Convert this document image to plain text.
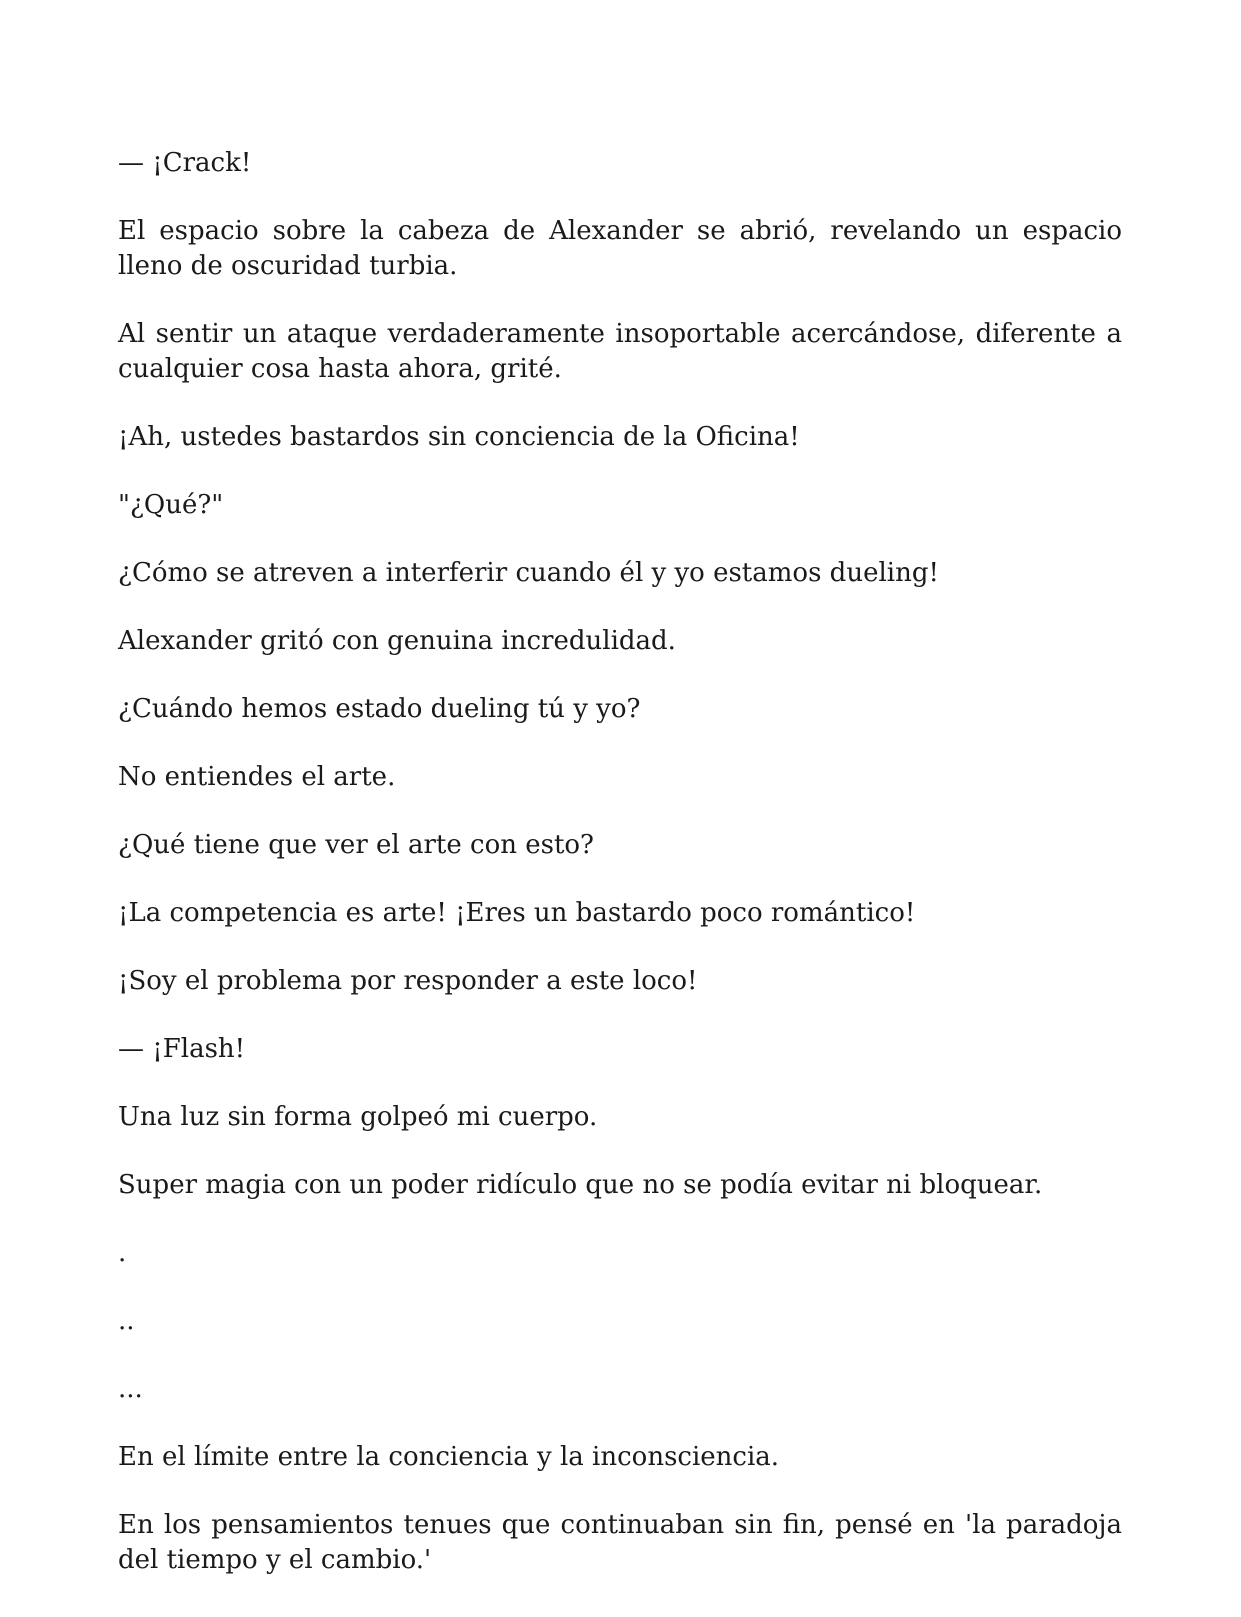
— ¡Crack!

El espacio sobre la cabeza de Alexander se abrió, revelando un espacio lleno de oscuridad turbia.

Al sentir un ataque verdaderamente insoportable acercándose, diferente a cualquier cosa hasta ahora, grité.

¡Ah, ustedes bastardos sin conciencia de la Oficina!

"¿Qué?"

¿Cómo se atreven a interferir cuando él y yo estamos dueling!

Alexander gritó con genuina incredulidad.

¿Cuándo hemos estado dueling tú y yo?

No entiendes el arte.

¿Qué tiene que ver el arte con esto?

¡La competencia es arte! ¡Eres un bastardo poco romántico!

¡Soy el problema por responder a este loco!

— ¡Flash!

Una luz sin forma golpeó mi cuerpo.

Super magia con un poder ridículo que no se podía evitar ni bloquear.

.

..

...

En el límite entre la conciencia y la inconsciencia.

En los pensamientos tenues que continuaban sin fin, pensé en 'la paradoja del tiempo y el cambio.'
